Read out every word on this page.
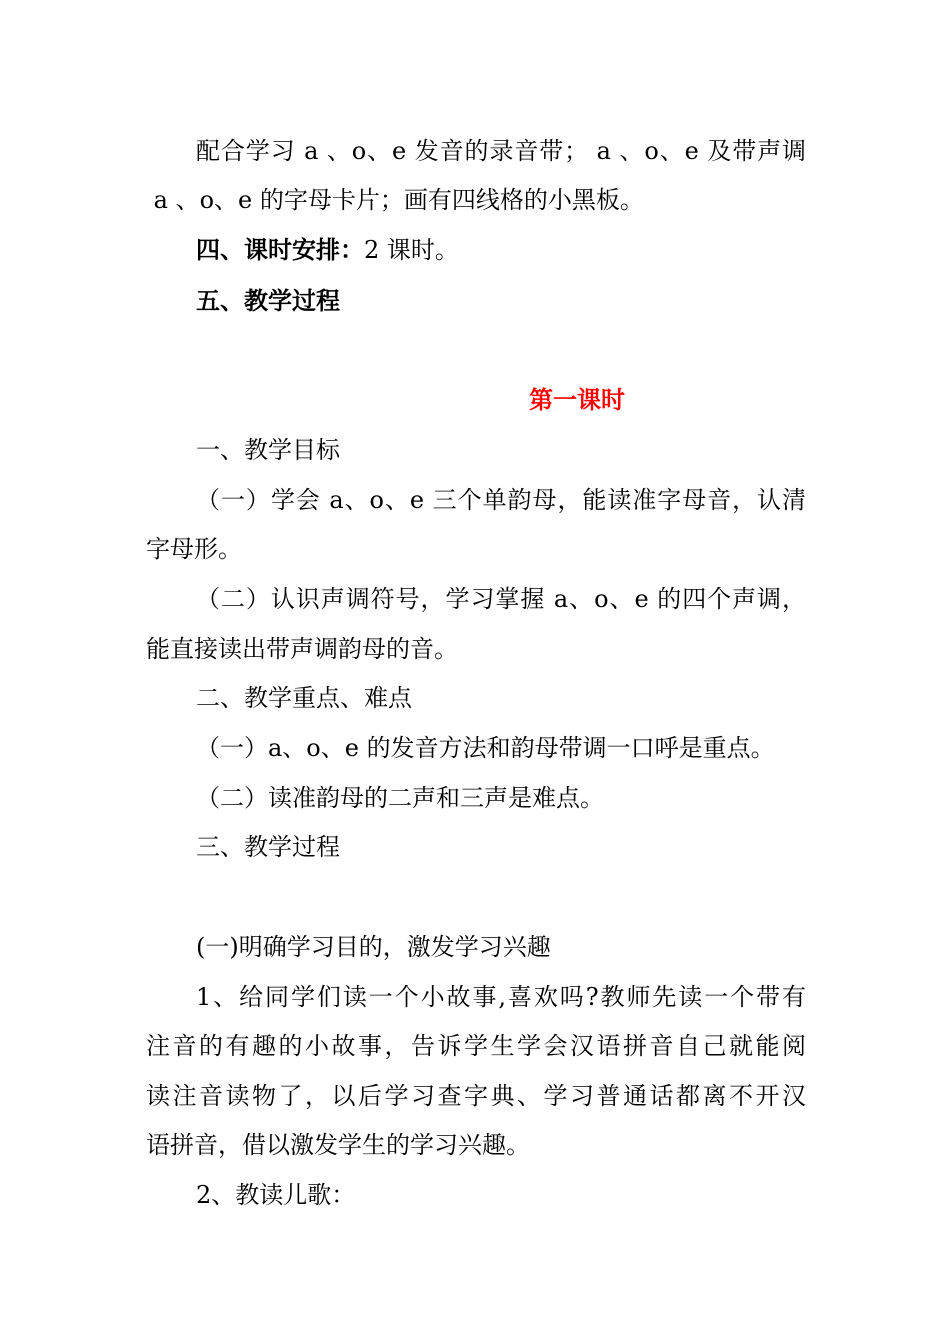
配合学习 a 、o、e 发音的录音带； a 、o、e 及带声调
a 、o、e 的字母卡片；画有四线格的小黑板。
四、课时安排：2 课时。
五、教学过程
第一课时
一、教学目标
（一）学会 a、o、e 三个单韵母，能读准字母音，认清
字母形。
（二）认识声调符号，学习掌握 a、o、e 的四个声调，
能直接读出带声调韵母的音。
二、教学重点、难点
（一）a、o、e 的发音方法和韵母带调一口呼是重点。
（二）读准韵母的二声和三声是难点。
三、教学过程
(一)明确学习目的，激发学习兴趣
1、给同学们读一个小故事,喜欢吗?教师先读一个带有
注音的有趣的小故事，告诉学生学会汉语拼音自己就能阅
读注音读物了，以后学习查字典、学习普通话都离不开汉
语拼音，借以激发学生的学习兴趣。
2、教读儿歌：
